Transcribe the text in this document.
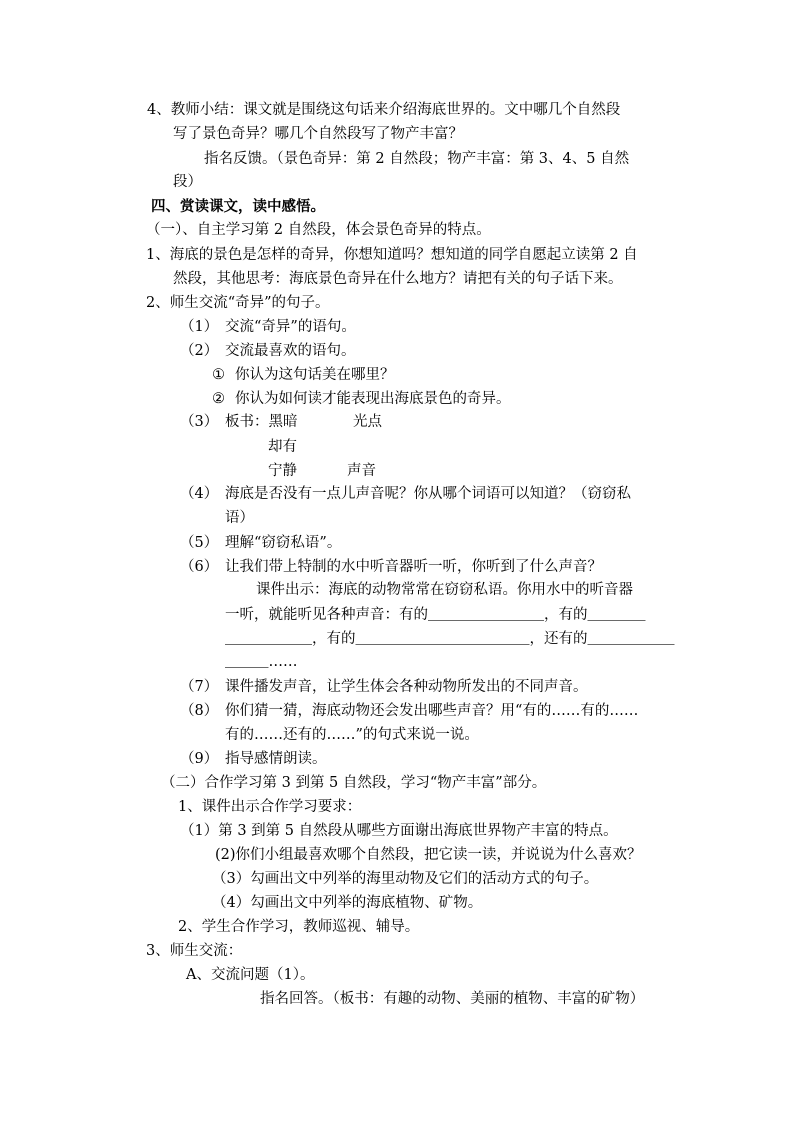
4、教师小结：课文就是围绕这句话来介绍海底世界的。文中哪几个自然段
写了景色奇异？哪几个自然段写了物产丰富？
指名反馈。（景色奇异：第 2 自然段；物产丰富：第 3、4、5 自然
段）
四、赏读课文，读中感悟。
（一）、自主学习第 2 自然段，体会景色奇异的特点。
1、海底的景色是怎样的奇异，你想知道吗？想知道的同学自愿起立读第 2 自
然段，其他思考：海底景色奇异在什么地方？请把有关的句子话下来。
2、师生交流“奇异”的句子。
（1） 交流“奇异”的语句。
（2） 交流最喜欢的语句。
① 你认为这句话美在哪里？
② 你认为如何读才能表现出海底景色的奇异。
（3） 板书：黑暗	光点
却有
宁静	声音
（4） 海底是否没有一点儿声音呢？你从哪个词语可以知道？（窃窃私
语）
（5） 理解“窃窃私语”。
（6） 让我们带上特制的水中听音器听一听，你听到了什么声音？
课件出示：海底的动物常常在窃窃私语。你用水中的听音器
一听，就能听见各种声音：有的＿＿＿＿＿＿＿＿，有的＿＿＿＿
＿＿＿＿＿＿，有的＿＿＿＿＿＿＿＿＿＿＿＿，还有的＿＿＿＿＿＿
＿＿＿……
（7） 课件播发声音，让学生体会各种动物所发出的不同声音。
（8） 你们猜一猜，海底动物还会发出哪些声音？用“有的……有的……
有的……还有的……”的句式来说一说。
（9） 指导感情朗读。
（二）合作学习第 3 到第 5 自然段，学习“物产丰富”部分。
1、课件出示合作学习要求：
（1）第 3 到第 5 自然段从哪些方面谢出海底世界物产丰富的特点。
(2)你们小组最喜欢哪个自然段，把它读一读，并说说为什么喜欢？
（3）勾画出文中列举的海里动物及它们的活动方式的句子。
（4）勾画出文中列举的海底植物、矿物。
2、学生合作学习，教师巡视、辅导。
3、师生交流：
A、交流问题（1）。
指名回答。（板书：有趣的动物、美丽的植物、丰富的矿物）
